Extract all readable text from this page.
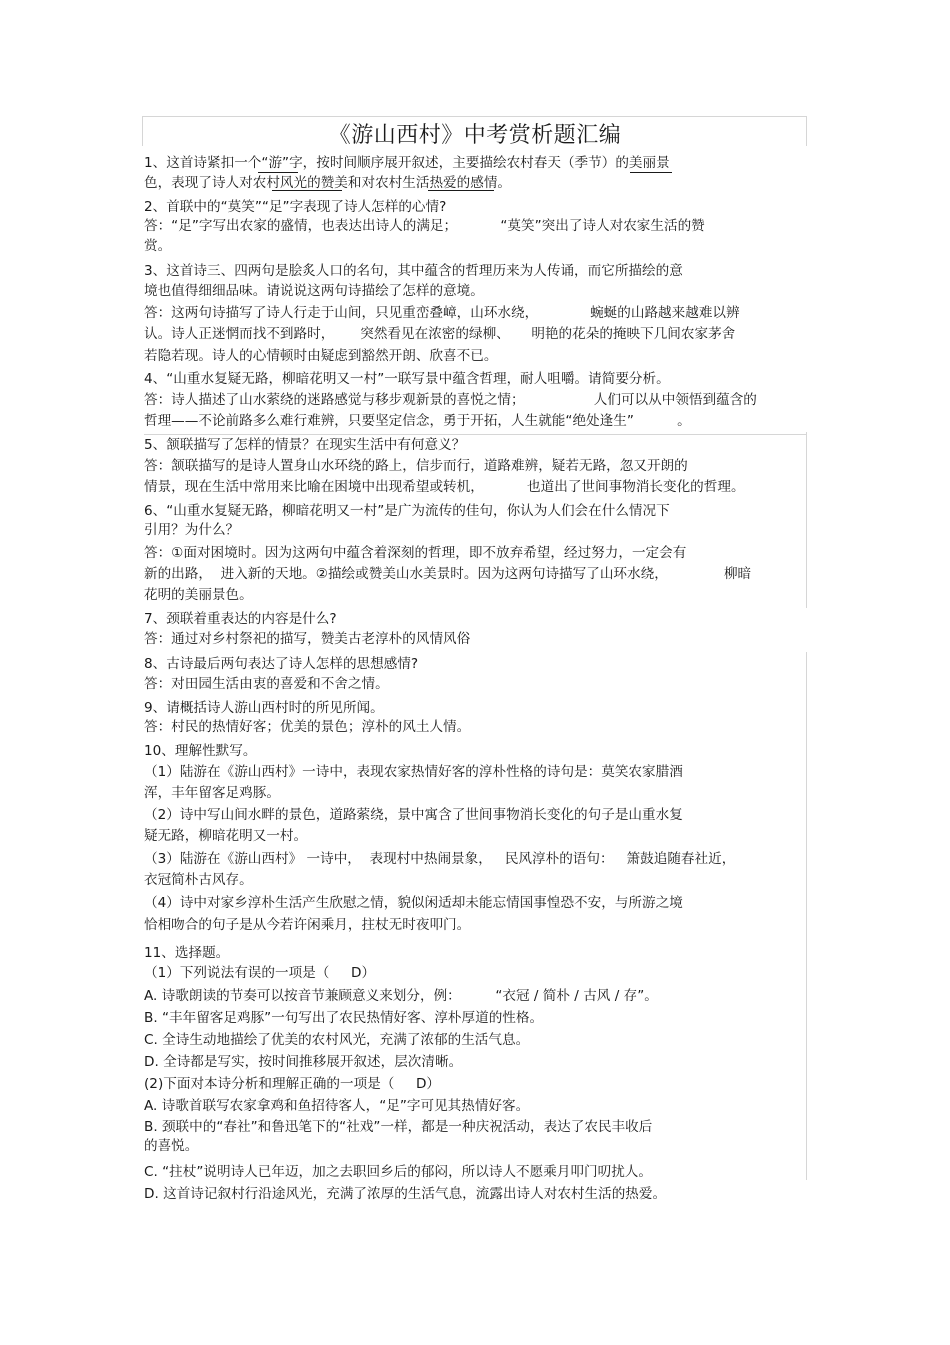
《游山西村》中考赏析题汇编
1、这首诗紧扣一个“游”字，按时间顺序展开叙述，主要描绘农村春天（季节）的美丽景
色，表现了诗人对农村风光的赞美和对农村生活热爱的感情。
2、首联中的“莫笑”“足”字表现了诗人怎样的心情?
答：“足”字写出农家的盛情，也表达出诗人的满足；          “莫笑”突出了诗人对农家生活的赞
赏。
3、这首诗三、四两句是脍炙人口的名句，其中蕴含的哲理历来为人传诵，而它所描绘的意
境也值得细细品味。请说说这两句诗描绘了怎样的意境。
答：这两句诗描写了诗人行走于山间，只见重峦叠嶂，山环水绕，            蜿蜒的山路越来越难以辨
认。诗人正迷惘而找不到路时，      突然看见在浓密的绿柳、     明艳的花朵的掩映下几间农家茅舍
若隐若现。诗人的心情顿时由疑虑到豁然开朗、欣喜不已。
4、“山重水复疑无路，柳暗花明又一村”一联写景中蕴含哲理，耐人咀嚼。请简要分析。
答：诗人描述了山水萦绕的迷路感觉与移步观新景的喜悦之情；                人们可以从中领悟到蕴含的
哲理——不论前路多么难行难辨，只要坚定信念，勇于开拓，人生就能“绝处逢生”          。
5、颔联描写了怎样的情景？在现实生活中有何意义？
答：颔联描写的是诗人置身山水环绕的路上，信步而行，道路难辨，疑若无路，忽又开朗的
情景，现在生活中常用来比喻在困境中出现希望或转机，          也道出了世间事物消长变化的哲理。
6、“山重水复疑无路，柳暗花明又一村”是广为流传的佳句，你认为人们会在什么情况下
引用？为什么？
答：①面对困境时。因为这两句中蕴含着深刻的哲理，即不放弃希望，经过努力，一定会有
新的出路，  进入新的天地。②描绘或赞美山水美景时。因为这两句诗描写了山环水绕，             柳暗
花明的美丽景色。
7、颈联着重表达的内容是什么?
答：通过对乡村祭祀的描写，赞美古老淳朴的风情风俗
8、古诗最后两句表达了诗人怎样的思想感情?
答：对田园生活由衷的喜爱和不舍之情。
9、请概括诗人游山西村时的所见所闻。
答：村民的热情好客；优美的景色；淳朴的风土人情。
10、理解性默写。
（1）陆游在《游山西村》一诗中，表现农家热情好客的淳朴性格的诗句是：莫笑农家腊酒
浑，丰年留客足鸡豚。
（2）诗中写山间水畔的景色，道路萦绕，景中寓含了世间事物消长变化的句子是山重水复
疑无路，柳暗花明又一村。
（3）陆游在《游山西村》 一诗中，  表现村中热闹景象，   民风淳朴的语句：   箫鼓追随春社近，
衣冠简朴古风存。
（4）诗中对家乡淳朴生活产生欣慰之情，貌似闲适却未能忘情国事惶恐不安，与所游之境
恰相吻合的句子是从今若许闲乘月，拄杖无时夜叩门。
11、选择题。
（1）下列说法有误的一项是（     D）
A. 诗歌朗读的节奏可以按音节兼顾意义来划分，例：        “衣冠 / 简朴 / 古风 / 存”。
B. “丰年留客足鸡豚”一句写出了农民热情好客、淳朴厚道的性格。
C. 全诗生动地描绘了优美的农村风光，充满了浓郁的生活气息。
D. 全诗都是写实，按时间推移展开叙述，层次清晰。
(2)下面对本诗分析和理解正确的一项是（     D）
A. 诗歌首联写农家拿鸡和鱼招待客人，“足”字可见其热情好客。
B. 颈联中的“春社”和鲁迅笔下的“社戏”一样，都是一种庆祝活动，表达了农民丰收后
的喜悦。
C. “拄杖”说明诗人已年迈，加之去职回乡后的郁闷，所以诗人不愿乘月叩门叨扰人。
D. 这首诗记叙村行沿途风光，充满了浓厚的生活气息，流露出诗人对农村生活的热爱。
